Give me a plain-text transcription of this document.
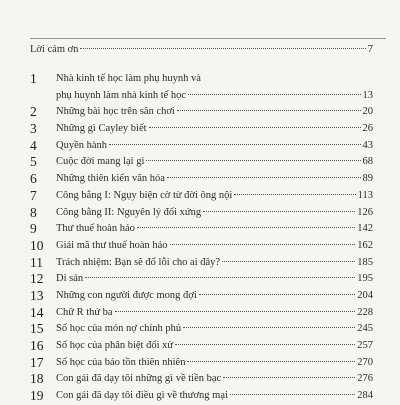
Lời cảm ơn	7
1	Nhà kinh tế học làm phụ huynh và
phụ huynh làm nhà kinh tế học	13
2	Những bài học trên sân chơi	20
3	Những gì Cayley biết	26
4	Quyền hành	43
5	Cuộc đời mang lại gì	68
6	Những thiên kiến văn hóa	89
7	Công bằng I: Ngụy biện cờ từ đời ông nội	113
8	Công bằng II: Nguyên lý đối xứng	126
9	Thư thuế hoàn hảo	142
10	Giải mã thư thuế hoàn hảo	162
11	Trách nhiệm: Bạn sẽ đổ lỗi cho ai đây?	185
12	Di sản	195
13	Những con người được mong đợi	204
14	Chữ R thứ ba	228
15	Số học của món nợ chính phủ	245
16	Số học của phân biệt đối xử	257
17	Số học của bảo tồn thiên nhiên	270
18	Con gái đã dạy tôi những gì về tiền bạc	276
19	Con gái đã dạy tôi điều gì về thương mại	284
